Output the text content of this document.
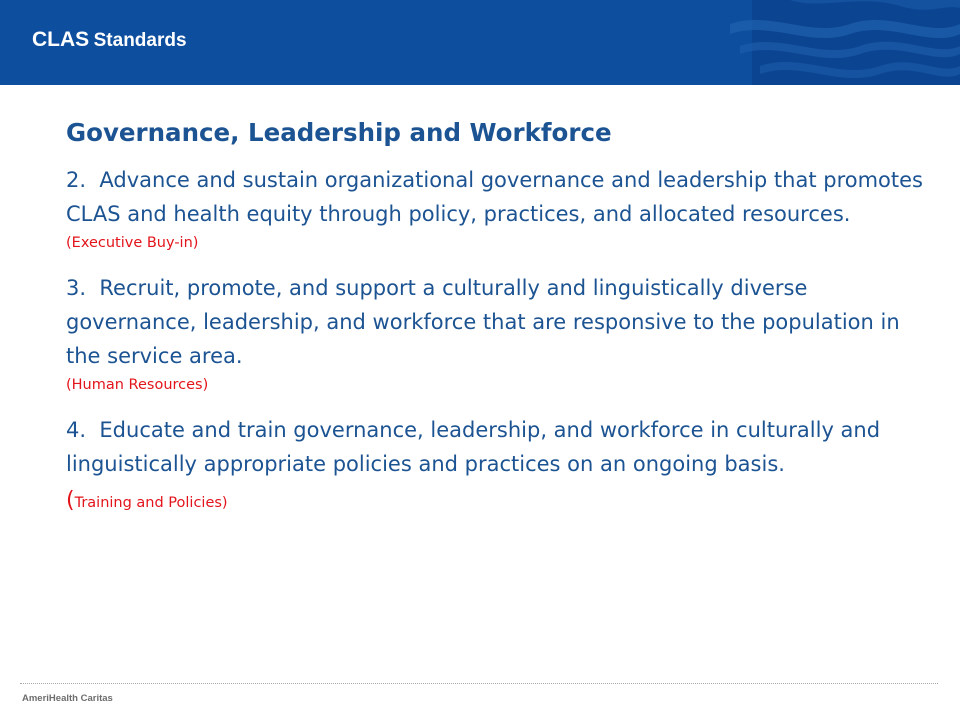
CLAS Standards
Governance, Leadership and Workforce

2. Advance and sustain organizational governance and leadership that promotes CLAS and health equity through policy, practices, and allocated resources.

(Executive Buy-in)

3. Recruit, promote, and support a culturally and linguistically diverse governance, leadership, and workforce that are responsive to the population in the service area.

(Human Resources)

4. Educate and train governance, leadership, and workforce in culturally and linguistically appropriate policies and practices on an ongoing basis.

(Training and Policies)

AmeriHealth Caritas
